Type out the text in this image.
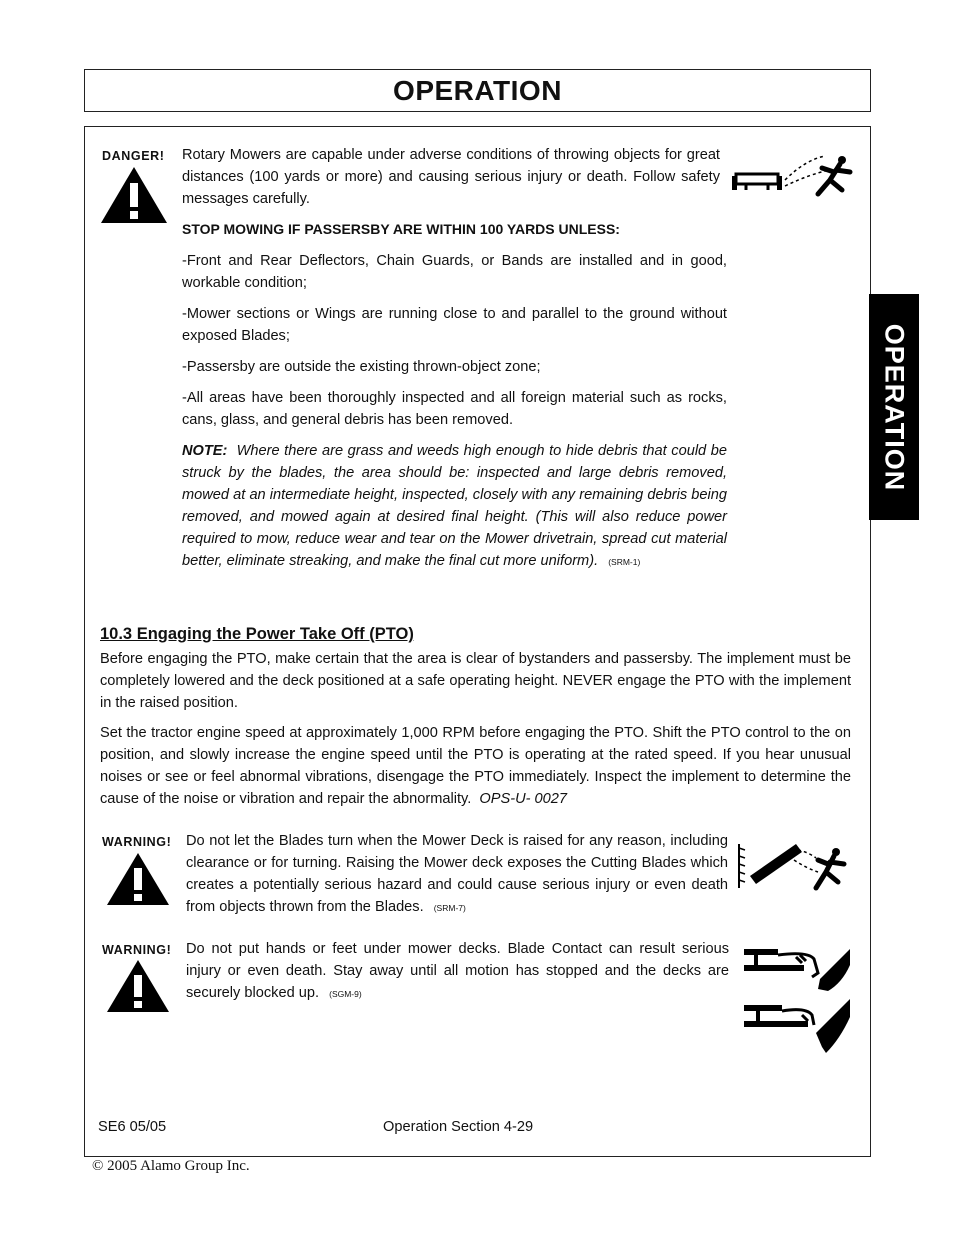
OPERATION
OPERATION
DANGER! Rotary Mowers are capable under adverse conditions of throwing objects for great distances (100 yards or more) and causing serious injury or death. Follow safety messages carefully.

STOP MOWING IF PASSERSBY ARE WITHIN 100 YARDS UNLESS:

-Front and Rear Deflectors, Chain Guards, or Bands are installed and in good, workable condition;

-Mower sections or Wings are running close to and parallel to the ground without exposed Blades;

-Passersby are outside the existing thrown-object zone;

-All areas have been thoroughly inspected and all foreign material such as rocks, cans, glass, and general debris has been removed.

NOTE: Where there are grass and weeds high enough to hide debris that could be struck by the blades, the area should be: inspected and large debris removed, mowed at an intermediate height, inspected, closely with any remaining debris being removed, and mowed again at desired final height. (This will also reduce power required to mow, reduce wear and tear on the Mower drivetrain, spread cut material better, eliminate streaking, and make the final cut more uniform). (SRM-1)

10.3 Engaging the Power Take Off (PTO)

Before engaging the PTO, make certain that the area is clear of bystanders and passersby. The implement must be completely lowered and the deck positioned at a safe operating height. NEVER engage the PTO with the implement in the raised position.

Set the tractor engine speed at approximately 1,000 RPM before engaging the PTO. Shift the PTO control to the on position, and slowly increase the engine speed until the PTO is operating at the rated speed. If you hear unusual noises or see or feel abnormal vibrations, disengage the PTO immediately. Inspect the implement to determine the cause of the noise or vibration and repair the abnormality. OPS-U- 0027

WARNING! Do not let the Blades turn when the Mower Deck is raised for any reason, including clearance or for turning. Raising the Mower deck exposes the Cutting Blades which creates a potentially serious hazard and could cause serious injury or even death from objects thrown from the Blades. (SRM-7)

WARNING! Do not put hands or feet under mower decks. Blade Contact can result serious injury or even death. Stay away until all motion has stopped and the decks are securely blocked up. (SGM-9)

SE6 05/05	Operation Section 4-29
© 2005 Alamo Group Inc.
